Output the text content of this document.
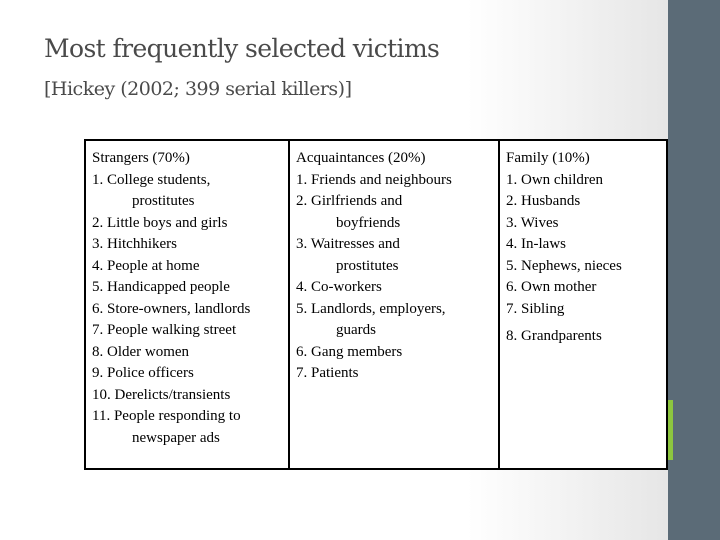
Most frequently selected victims
[Hickey (2002; 399 serial killers)]
Strangers (70%)
1. College students,
prostitutes
2. Little boys and girls
3. Hitchhikers
4. People at home
5. Handicapped people
6. Store-owners, landlords
7. People walking street
8. Older women
9. Police officers
10. Derelicts/transients
11. People responding to
newspaper ads
Acquaintances (20%)
1. Friends and neighbours
2. Girlfriends and
boyfriends
3. Waitresses and
prostitutes
4. Co-workers
5. Landlords, employers,
guards
6. Gang members
7. Patients
Family (10%)
1. Own children
2. Husbands
3. Wives
4. In-laws
5. Nephews, nieces
6. Own mother
7. Sibling
8. Grandparents
